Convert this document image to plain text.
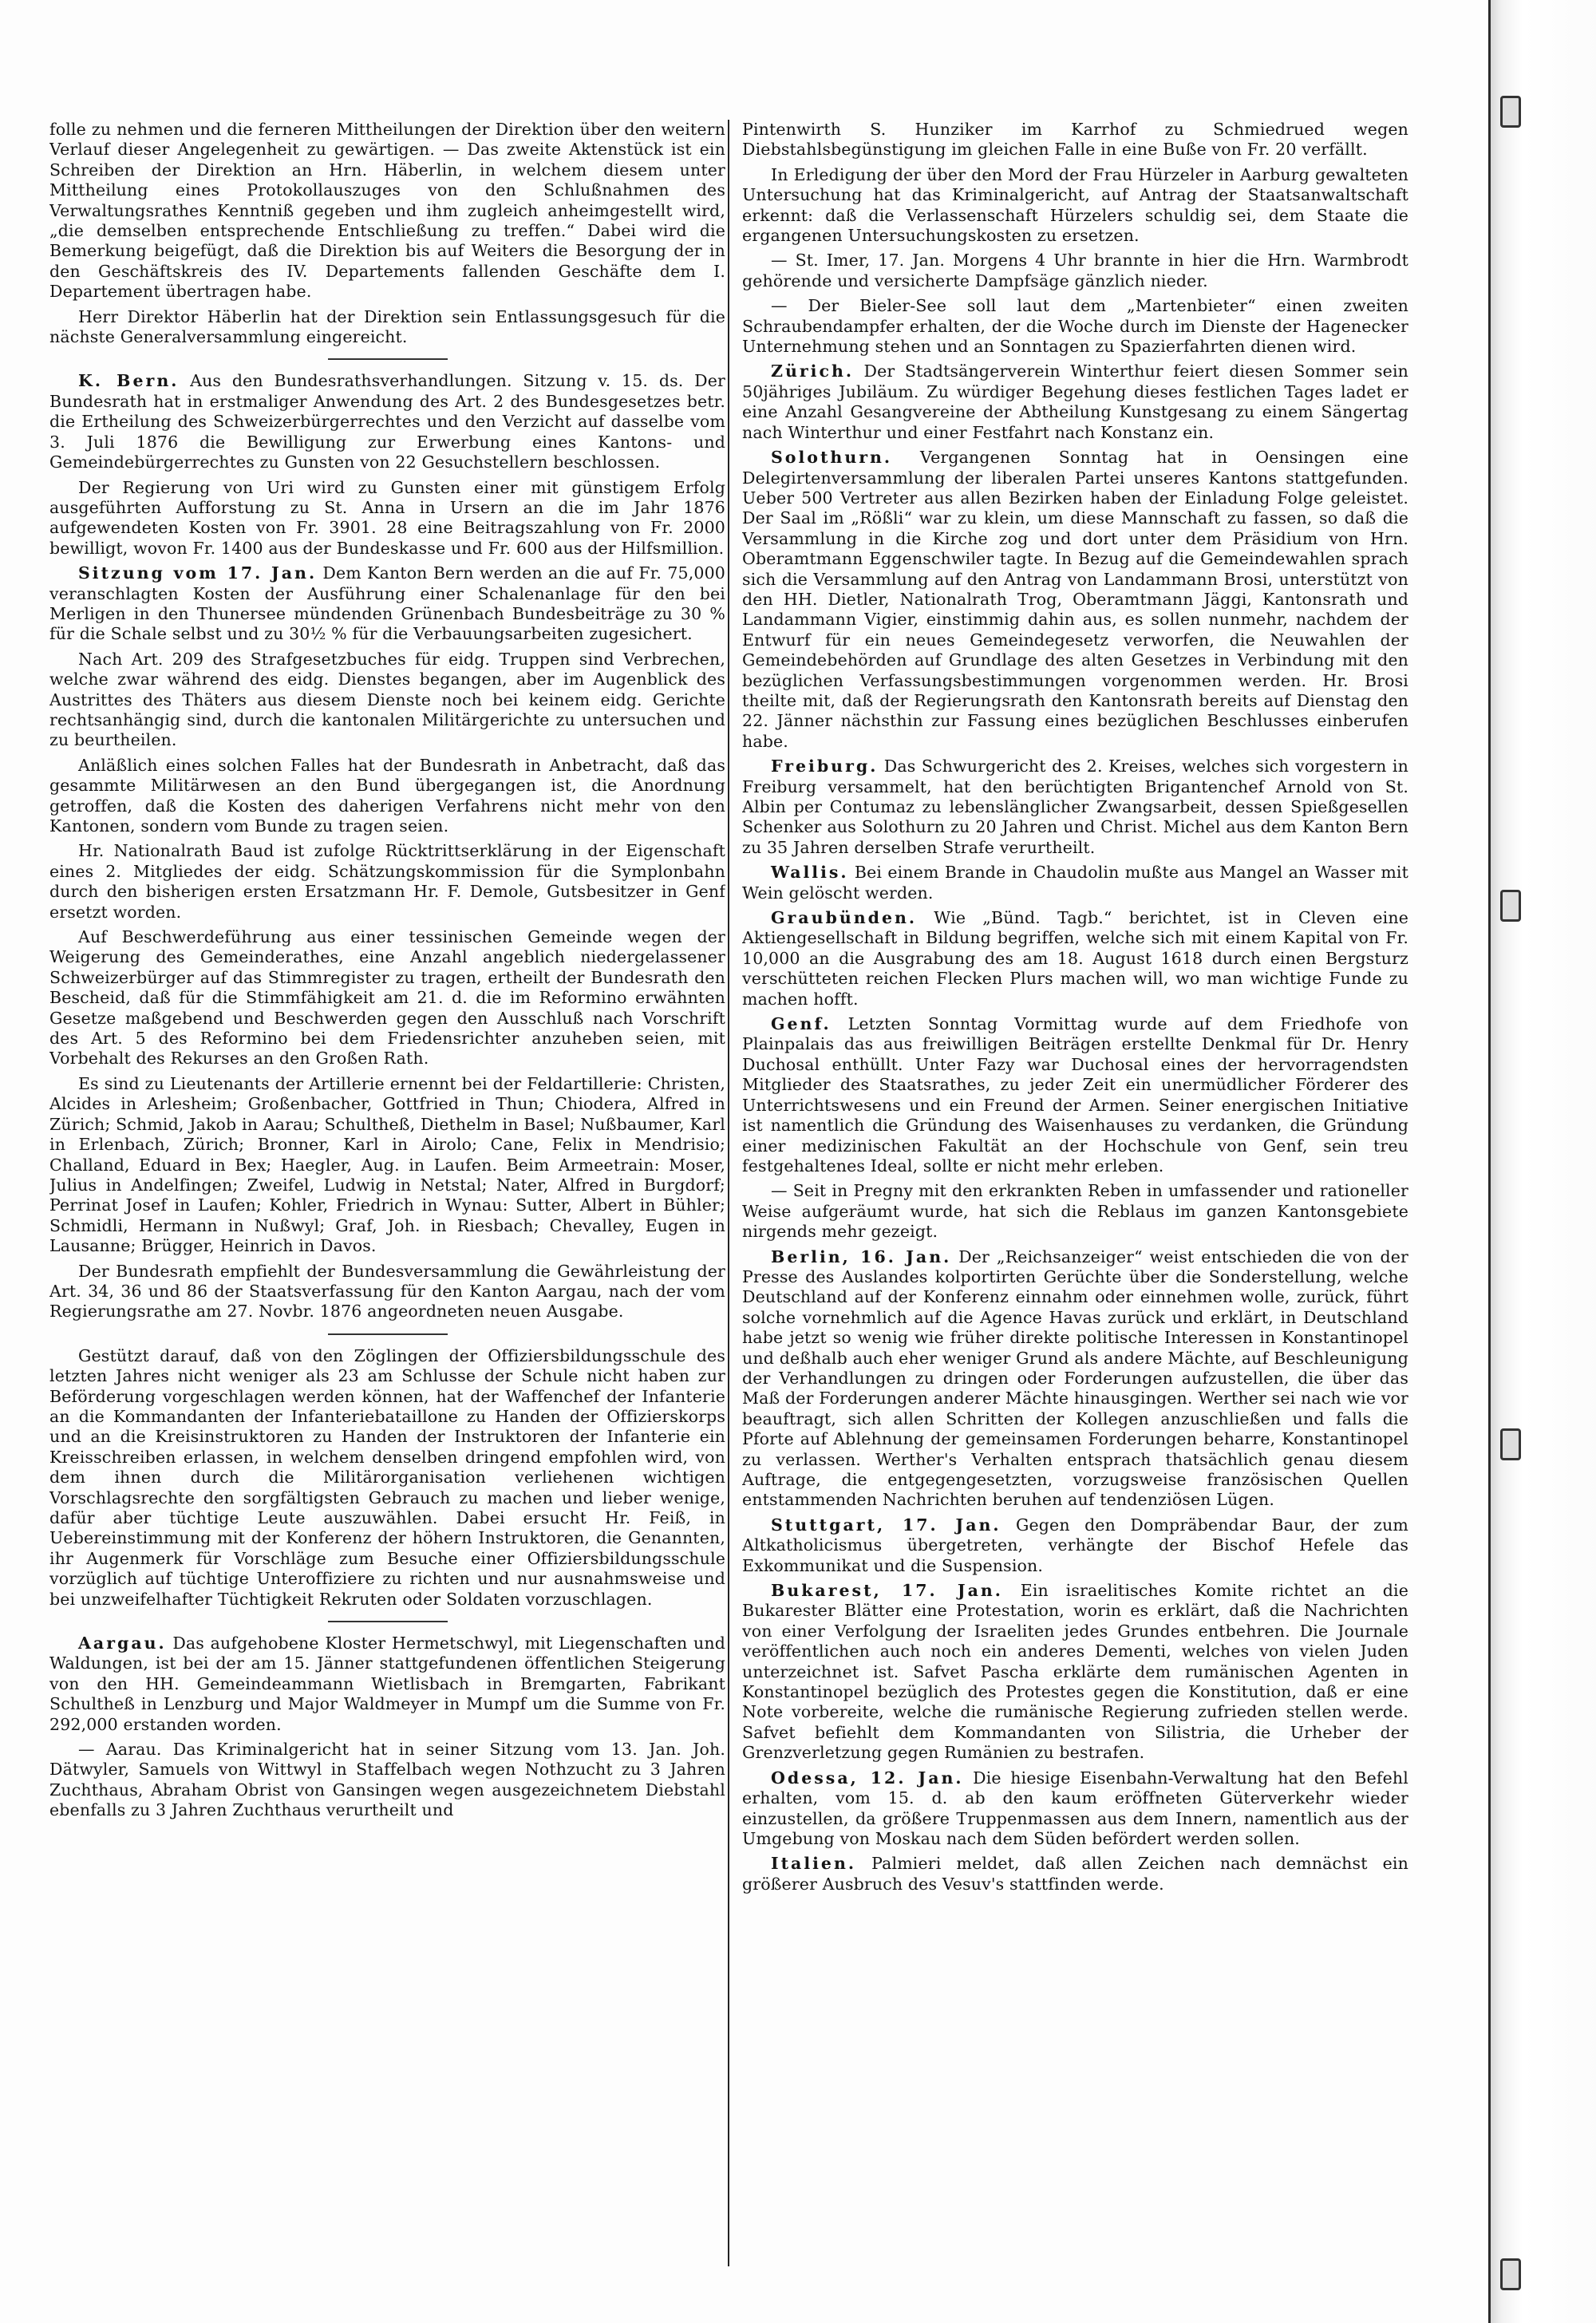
folle zu nehmen und die ferneren Mittheilungen der Direktion über den weitern Verlauf dieser Angelegenheit zu gewärtigen. — Das zweite Aktenstück ist ein Schreiben der Direktion an Hrn. Häberlin, in welchem diesem unter Mittheilung eines Protokollauszuges von den Schlußnahmen des Verwaltungsrathes Kenntniß gegeben und ihm zugleich anheimgestellt wird, „die demselben entsprechende Entschließung zu treffen.“ Dabei wird die Bemerkung beigefügt, daß die Direktion bis auf Weiters die Besorgung der in den Geschäftskreis des IV. Departements fallenden Geschäfte dem I. Departement übertragen habe.

Herr Direktor Häberlin hat der Direktion sein Entlassungsgesuch für die nächste Generalversammlung eingereicht.

K. Bern. Aus den Bundesrathsverhandlungen. Sitzung v. 15. ds. Der Bundesrath hat in erstmaliger Anwendung des Art. 2 des Bundesgesetzes betr. die Ertheilung des Schweizerbürgerrechtes und den Verzicht auf dasselbe vom 3. Juli 1876 die Bewilligung zur Erwerbung eines Kantons- und Gemeindebürgerrechtes zu Gunsten von 22 Gesuchstellern beschlossen.

Der Regierung von Uri wird zu Gunsten einer mit günstigem Erfolg ausgeführten Aufforstung zu St. Anna in Ursern an die im Jahr 1876 aufgewendeten Kosten von Fr. 3901. 28 eine Beitragszahlung von Fr. 2000 bewilligt, wovon Fr. 1400 aus der Bundeskasse und Fr. 600 aus der Hilfsmillion.

Sitzung vom 17. Jan. Dem Kanton Bern werden an die auf Fr. 75,000 veranschlagten Kosten der Ausführung einer Schalenanlage für den bei Merligen in den Thunersee mündenden Grünenbach Bundesbeiträge zu 30 % für die Schale selbst und zu 30½ % für die Verbauungsarbeiten zugesichert.

Nach Art. 209 des Strafgesetzbuches für eidg. Truppen sind Verbrechen, welche zwar während des eidg. Dienstes begangen, aber im Augenblick des Austrittes des Thäters aus diesem Dienste noch bei keinem eidg. Gerichte rechtsanhängig sind, durch die kantonalen Militärgerichte zu untersuchen und zu beurtheilen.

Anläßlich eines solchen Falles hat der Bundesrath in Anbetracht, daß das gesammte Militärwesen an den Bund übergegangen ist, die Anordnung getroffen, daß die Kosten des daherigen Verfahrens nicht mehr von den Kantonen, sondern vom Bunde zu tragen seien.

Hr. Nationalrath Baud ist zufolge Rücktrittserklärung in der Eigenschaft eines 2. Mitgliedes der eidg. Schätzungskommission für die Symplonbahn durch den bisherigen ersten Ersatzmann Hr. F. Demole, Gutsbesitzer in Genf ersetzt worden.

Auf Beschwerdeführung aus einer tessinischen Gemeinde wegen der Weigerung des Gemeinderathes, eine Anzahl angeblich niedergelassener Schweizerbürger auf das Stimmregister zu tragen, ertheilt der Bundesrath den Bescheid, daß für die Stimmfähigkeit am 21. d. die im Reformino erwähnten Gesetze maßgebend und Beschwerden gegen den Ausschluß nach Vorschrift des Art. 5 des Reformino bei dem Friedensrichter anzuheben seien, mit Vorbehalt des Rekurses an den Großen Rath.

Es sind zu Lieutenants der Artillerie ernennt bei der Feldartillerie: Christen, Alcides in Arlesheim; Großenbacher, Gottfried in Thun; Chiodera, Alfred in Zürich; Schmid, Jakob in Aarau; Schultheß, Diethelm in Basel; Nußbaumer, Karl in Erlenbach, Zürich; Bronner, Karl in Airolo; Cane, Felix in Mendrisio; Challand, Eduard in Bex; Haegler, Aug. in Laufen. Beim Armeetrain: Moser, Julius in Andelfingen; Zweifel, Ludwig in Netstal; Nater, Alfred in Burgdorf; Perrinat Josef in Laufen; Kohler, Friedrich in Wynau: Sutter, Albert in Bühler; Schmidli, Hermann in Nußwyl; Graf, Joh. in Riesbach; Chevalley, Eugen in Lausanne; Brügger, Heinrich in Davos.

Der Bundesrath empfiehlt der Bundesversammlung die Gewährleistung der Art. 34, 36 und 86 der Staatsverfassung für den Kanton Aargau, nach der vom Regierungsrathe am 27. Novbr. 1876 angeordneten neuen Ausgabe.

Gestützt darauf, daß von den Zöglingen der Offiziersbildungsschule des letzten Jahres nicht weniger als 23 am Schlusse der Schule nicht haben zur Beförderung vorgeschlagen werden können, hat der Waffenchef der Infanterie an die Kommandanten der Infanteriebataillone zu Handen der Offizierskorps und an die Kreisinstruktoren zu Handen der Instruktoren der Infanterie ein Kreisschreiben erlassen, in welchem denselben dringend empfohlen wird, von dem ihnen durch die Militärorganisation verliehenen wichtigen Vorschlagsrechte den sorgfältigsten Gebrauch zu machen und lieber wenige, dafür aber tüchtige Leute auszuwählen. Dabei ersucht Hr. Feiß, in Uebereinstimmung mit der Konferenz der höhern Instruktoren, die Genannten, ihr Augenmerk für Vorschläge zum Besuche einer Offiziersbildungsschule vorzüglich auf tüchtige Unteroffiziere zu richten und nur ausnahmsweise und bei unzweifelhafter Tüchtigkeit Rekruten oder Soldaten vorzuschlagen.

Aargau. Das aufgehobene Kloster Hermetschwyl, mit Liegenschaften und Waldungen, ist bei der am 15. Jänner stattgefundenen öffentlichen Steigerung von den HH. Gemeindeammann Wietlisbach in Bremgarten, Fabrikant Schultheß in Lenzburg und Major Waldmeyer in Mumpf um die Summe von Fr. 292,000 erstanden worden.

— Aarau. Das Kriminalgericht hat in seiner Sitzung vom 13. Jan. Joh. Dätwyler, Samuels von Wittwyl in Staffelbach wegen Nothzucht zu 3 Jahren Zuchthaus, Abraham Obrist von Gansingen wegen ausgezeichnetem Diebstahl ebenfalls zu 3 Jahren Zuchthaus verurtheilt und

Pintenwirth S. Hunziker im Karrhof zu Schmiedrued wegen Diebstahlsbegünstigung im gleichen Falle in eine Buße von Fr. 20 verfällt.

In Erledigung der über den Mord der Frau Hürzeler in Aarburg gewalteten Untersuchung hat das Kriminalgericht, auf Antrag der Staatsanwaltschaft erkennt: daß die Verlassenschaft Hürzelers schuldig sei, dem Staate die ergangenen Untersuchungskosten zu ersetzen.

— St. Imer, 17. Jan. Morgens 4 Uhr brannte in hier die Hrn. Warmbrodt gehörende und versicherte Dampfsäge gänzlich nieder.

— Der Bieler-See soll laut dem „Martenbieter“ einen zweiten Schraubendampfer erhalten, der die Woche durch im Dienste der Hagenecker Unternehmung stehen und an Sonntagen zu Spazierfahrten dienen wird.

Zürich. Der Stadtsängerverein Winterthur feiert diesen Sommer sein 50jähriges Jubiläum. Zu würdiger Begehung dieses festlichen Tages ladet er eine Anzahl Gesangvereine der Abtheilung Kunstgesang zu einem Sängertag nach Winterthur und einer Festfahrt nach Konstanz ein.

Solothurn. Vergangenen Sonntag hat in Oensingen eine Delegirtenversammlung der liberalen Partei unseres Kantons stattgefunden. Ueber 500 Vertreter aus allen Bezirken haben der Einladung Folge geleistet. Der Saal im „Rößli“ war zu klein, um diese Mannschaft zu fassen, so daß die Versammlung in die Kirche zog und dort unter dem Präsidium von Hrn. Oberamtmann Eggenschwiler tagte. In Bezug auf die Gemeindewahlen sprach sich die Versammlung auf den Antrag von Landammann Brosi, unterstützt von den HH. Dietler, Nationalrath Trog, Oberamtmann Jäggi, Kantonsrath und Landammann Vigier, einstimmig dahin aus, es sollen nunmehr, nachdem der Entwurf für ein neues Gemeindegesetz verworfen, die Neuwahlen der Gemeindebehörden auf Grundlage des alten Gesetzes in Verbindung mit den bezüglichen Verfassungsbestimmungen vorgenommen werden. Hr. Brosi theilte mit, daß der Regierungsrath den Kantonsrath bereits auf Dienstag den 22. Jänner nächsthin zur Fassung eines bezüglichen Beschlusses einberufen habe.

Freiburg. Das Schwurgericht des 2. Kreises, welches sich vorgestern in Freiburg versammelt, hat den berüchtigten Brigantenchef Arnold von St. Albin per Contumaz zu lebenslänglicher Zwangsarbeit, dessen Spießgesellen Schenker aus Solothurn zu 20 Jahren und Christ. Michel aus dem Kanton Bern zu 35 Jahren derselben Strafe verurtheilt.

Wallis. Bei einem Brande in Chaudolin mußte aus Mangel an Wasser mit Wein gelöscht werden.

Graubünden. Wie „Bünd. Tagb.“ berichtet, ist in Cleven eine Aktiengesellschaft in Bildung begriffen, welche sich mit einem Kapital von Fr. 10,000 an die Ausgrabung des am 18. August 1618 durch einen Bergsturz verschütteten reichen Flecken Plurs machen will, wo man wichtige Funde zu machen hofft.

Genf. Letzten Sonntag Vormittag wurde auf dem Friedhofe von Plainpalais das aus freiwilligen Beiträgen erstellte Denkmal für Dr. Henry Duchosal enthüllt. Unter Fazy war Duchosal eines der hervorragendsten Mitglieder des Staatsrathes, zu jeder Zeit ein unermüdlicher Förderer des Unterrichtswesens und ein Freund der Armen. Seiner energischen Initiative ist namentlich die Gründung des Waisenhauses zu verdanken, die Gründung einer medizinischen Fakultät an der Hochschule von Genf, sein treu festgehaltenes Ideal, sollte er nicht mehr erleben.

— Seit in Pregny mit den erkrankten Reben in umfassender und rationeller Weise aufgeräumt wurde, hat sich die Reblaus im ganzen Kantonsgebiete nirgends mehr gezeigt.

Berlin, 16. Jan. Der „Reichsanzeiger“ weist entschieden die von der Presse des Auslandes kolportirten Gerüchte über die Sonderstellung, welche Deutschland auf der Konferenz einnahm oder einnehmen wolle, zurück, führt solche vornehmlich auf die Agence Havas zurück und erklärt, in Deutschland habe jetzt so wenig wie früher direkte politische Interessen in Konstantinopel und deßhalb auch eher weniger Grund als andere Mächte, auf Beschleunigung der Verhandlungen zu dringen oder Forderungen aufzustellen, die über das Maß der Forderungen anderer Mächte hinausgingen. Werther sei nach wie vor beauftragt, sich allen Schritten der Kollegen anzuschließen und falls die Pforte auf Ablehnung der gemeinsamen Forderungen beharre, Konstantinopel zu verlassen. Werther's Verhalten entsprach thatsächlich genau diesem Auftrage, die entgegengesetzten, vorzugsweise französischen Quellen entstammenden Nachrichten beruhen auf tendenziösen Lügen.

Stuttgart, 17. Jan. Gegen den Dompräbendar Baur, der zum Altkatholicismus übergetreten, verhängte der Bischof Hefele das Exkommunikat und die Suspension.

Bukarest, 17. Jan. Ein israelitisches Komite richtet an die Bukarester Blätter eine Protestation, worin es erklärt, daß die Nachrichten von einer Verfolgung der Israeliten jedes Grundes entbehren. Die Journale veröffentlichen auch noch ein anderes Dementi, welches von vielen Juden unterzeichnet ist. Safvet Pascha erklärte dem rumänischen Agenten in Konstantinopel bezüglich des Protestes gegen die Konstitution, daß er eine Note vorbereite, welche die rumänische Regierung zufrieden stellen werde. Safvet befiehlt dem Kommandanten von Silistria, die Urheber der Grenzverletzung gegen Rumänien zu bestrafen.

Odessa, 12. Jan. Die hiesige Eisenbahn-Verwaltung hat den Befehl erhalten, vom 15. d. ab den kaum eröffneten Güterverkehr wieder einzustellen, da größere Truppenmassen aus dem Innern, namentlich aus der Umgebung von Moskau nach dem Süden befördert werden sollen.

Italien. Palmieri meldet, daß allen Zeichen nach demnächst ein größerer Ausbruch des Vesuv's stattfinden werde.
